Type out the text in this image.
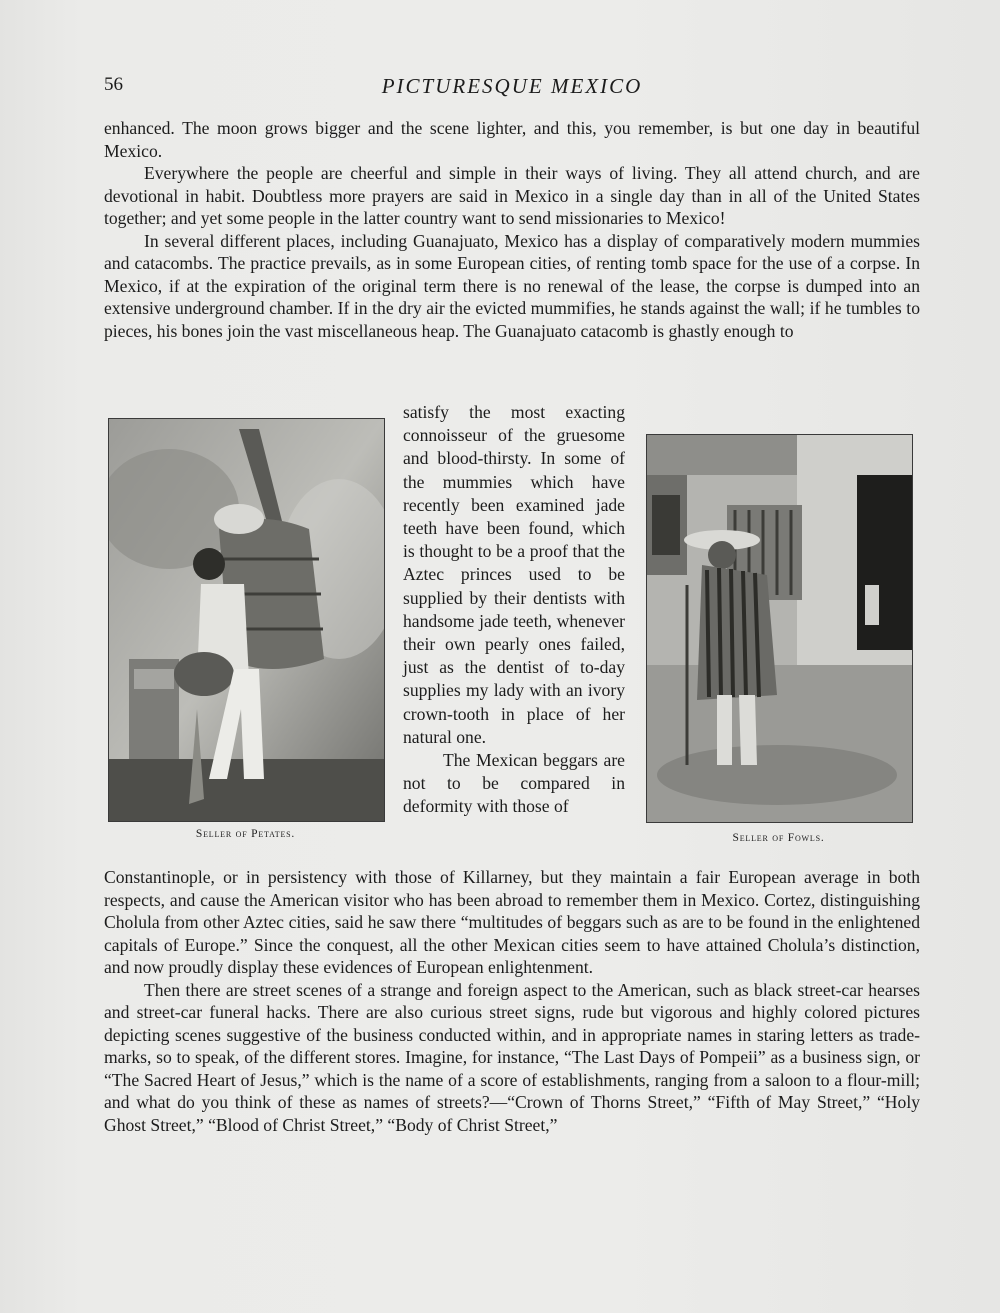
56	PICTURESQUE MEXICO

enhanced. The moon grows bigger and the scene lighter, and this, you remember, is but one day in beautiful Mexico.

Everywhere the people are cheerful and simple in their ways of living. They all attend church, and are devotional in habit. Doubtless more prayers are said in Mexico in a single day than in all of the United States together; and yet some people in the latter country want to send missionaries to Mexico!

In several different places, including Guanajuato, Mexico has a display of comparatively modern mummies and catacombs. The practice prevails, as in some European cities, of renting tomb space for the use of a corpse. In Mexico, if at the expiration of the original term there is no renewal of the lease, the corpse is dumped into an extensive underground chamber. If in the dry air the evicted mummifies, he stands against the wall; if he tumbles to pieces, his bones join the vast miscellaneous heap. The Guanajuato catacomb is ghastly enough to

Seller of Petates.

satisfy the most exacting connoisseur of the gruesome and blood-thirsty. In some of the mummies which have recently been examined jade teeth have been found, which is thought to be a proof that the Aztec princes used to be supplied by their dentists with handsome jade teeth, whenever their own pearly ones failed, just as the dentist of to-day supplies my lady with an ivory crown-tooth in place of her natural one.

The Mexican beggars are not to be compared in deformity with those of

Seller of Fowls.

Constantinople, or in persistency with those of Killarney, but they maintain a fair European average in both respects, and cause the American visitor who has been abroad to remember them in Mexico. Cortez, distinguishing Cholula from other Aztec cities, said he saw there “multitudes of beggars such as are to be found in the enlightened capitals of Europe.” Since the conquest, all the other Mexican cities seem to have attained Cholula’s distinction, and now proudly display these evidences of European enlightenment.

Then there are street scenes of a strange and foreign aspect to the American, such as black street-car hearses and street-car funeral hacks. There are also curious street signs, rude but vigorous and highly colored pictures depicting scenes suggestive of the business conducted within, and in appropriate names in staring letters as trade-marks, so to speak, of the different stores. Imagine, for instance, “The Last Days of Pompeii” as a business sign, or “The Sacred Heart of Jesus,” which is the name of a score of establishments, ranging from a saloon to a flour-mill; and what do you think of these as names of streets?—“Crown of Thorns Street,” “Fifth of May Street,” “Holy Ghost Street,” “Blood of Christ Street,” “Body of Christ Street,”
